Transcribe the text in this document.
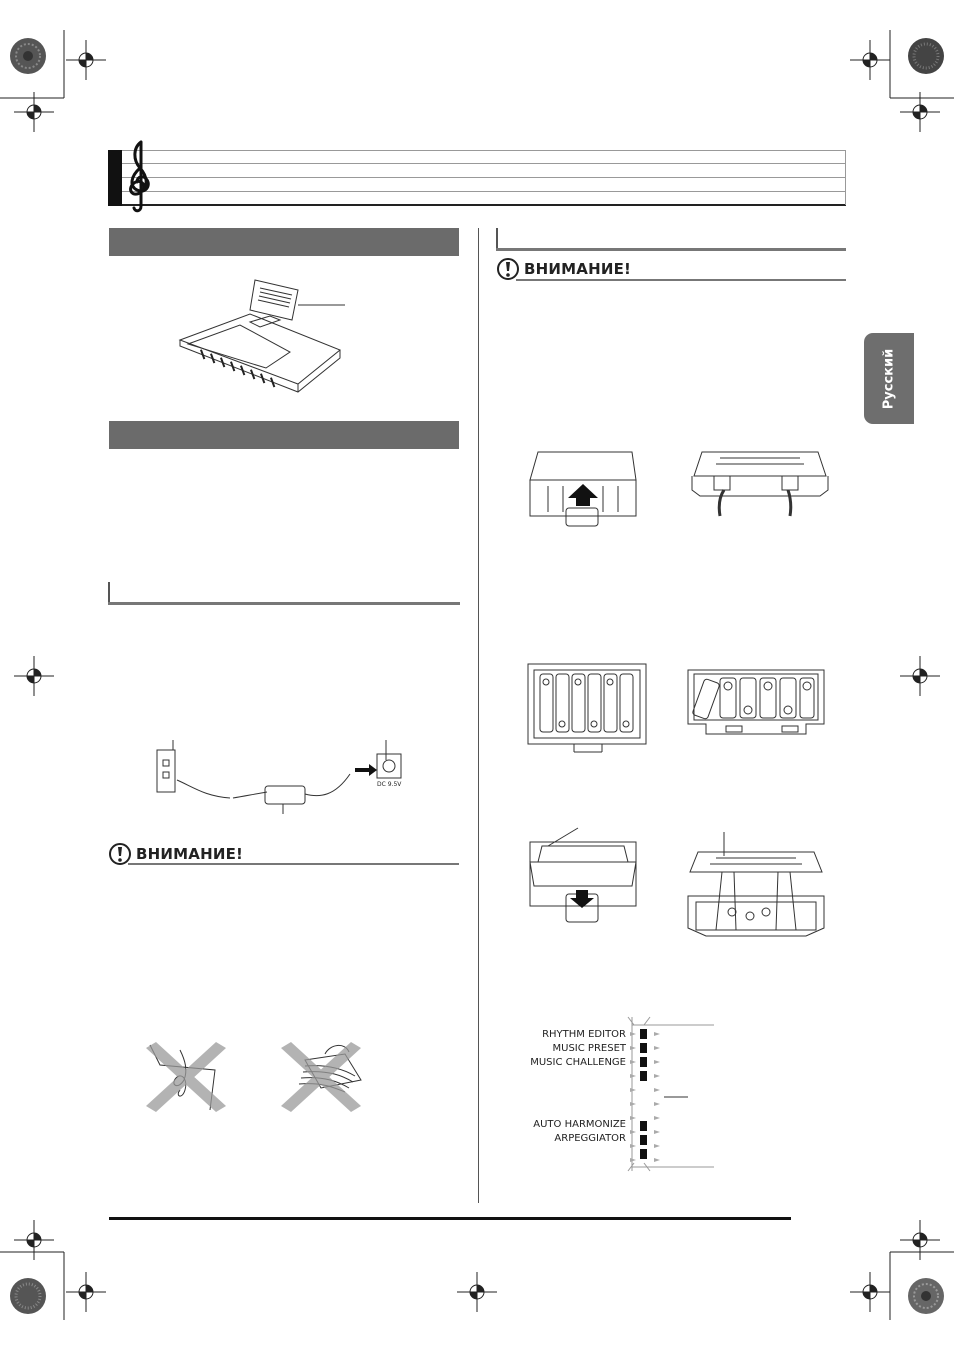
DC 9.5V
ВНИМАНИЕ!
ВНИМАНИЕ!
RHYTHM EDITOR
MUSIC PRESET
MUSIC CHALLENGE
AUTO HARMONIZE
ARPEGGIATOR
Русский
